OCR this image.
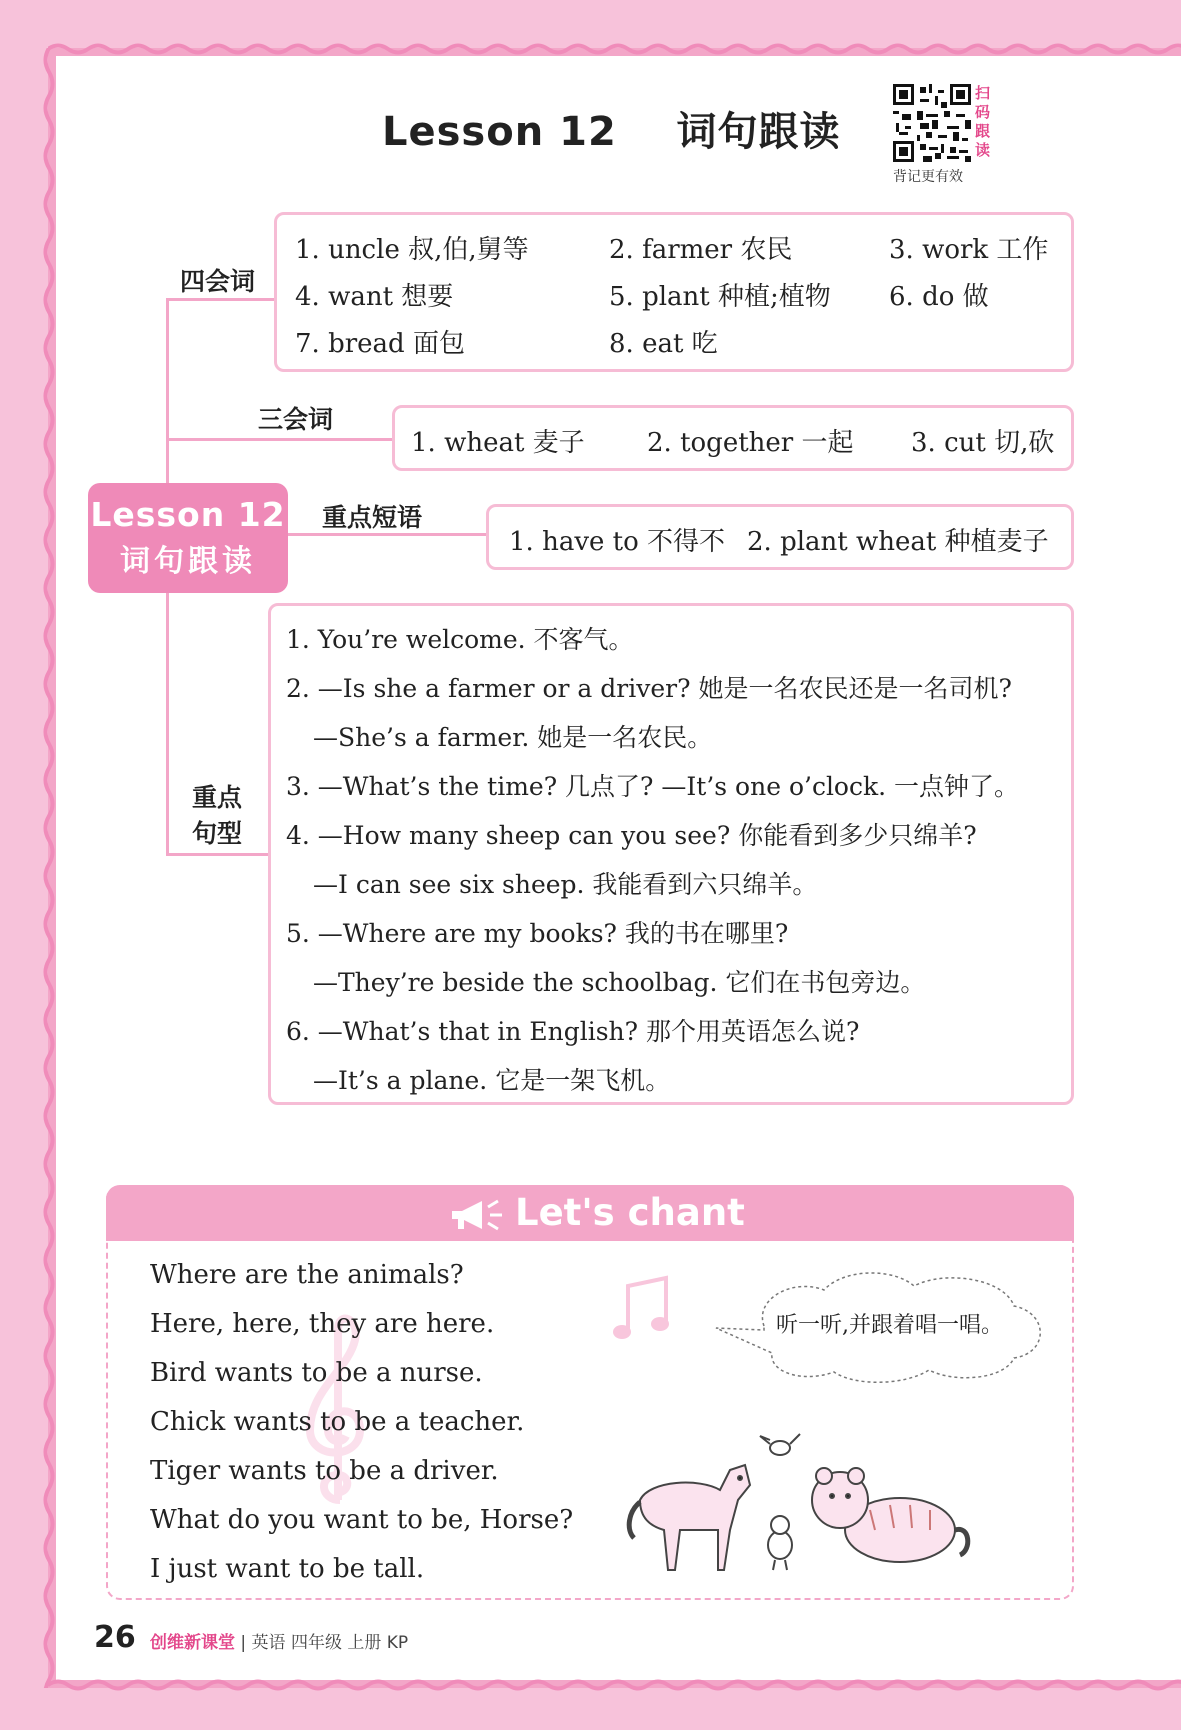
Lesson 12    词句跟读
扫
码
跟
读
背记更有效
四会词
1. uncle 叔,伯,舅等	2. farmer 农民	3. work 工作
4. want 想要	5. plant 种植;植物 6. do 做
7. bread 面包	8. eat 吃
三会词
1. wheat 麦子 2. together 一起 3. cut 切,砍
Lesson 12
词句跟读
重点短语
1. have to 不得不 2. plant wheat 种植麦子
重点
句型
1. You’re welcome. 不客气。
2. —Is she a farmer or a driver? 她是一名农民还是一名司机?
—She’s a farmer. 她是一名农民。
3. —What’s the time? 几点了? —It’s one o’clock. 一点钟了。
4. —How many sheep can you see? 你能看到多少只绵羊?
—I can see six sheep. 我能看到六只绵羊。
5. —Where are my books? 我的书在哪里?
—They’re beside the schoolbag. 它们在书包旁边。
6. —What’s that in English? 那个用英语怎么说?
—It’s a plane. 它是一架飞机。
Let's chant
Where are the animals?
Here, here, they are here.
Bird wants to be a nurse.
Chick wants to be a teacher.
Tiger wants to be a driver.
What do you want to be, Horse?
I just want to be tall.
听一听,并跟着唱一唱。
26 创维新课堂 | 英语 四年级 上册 KP
